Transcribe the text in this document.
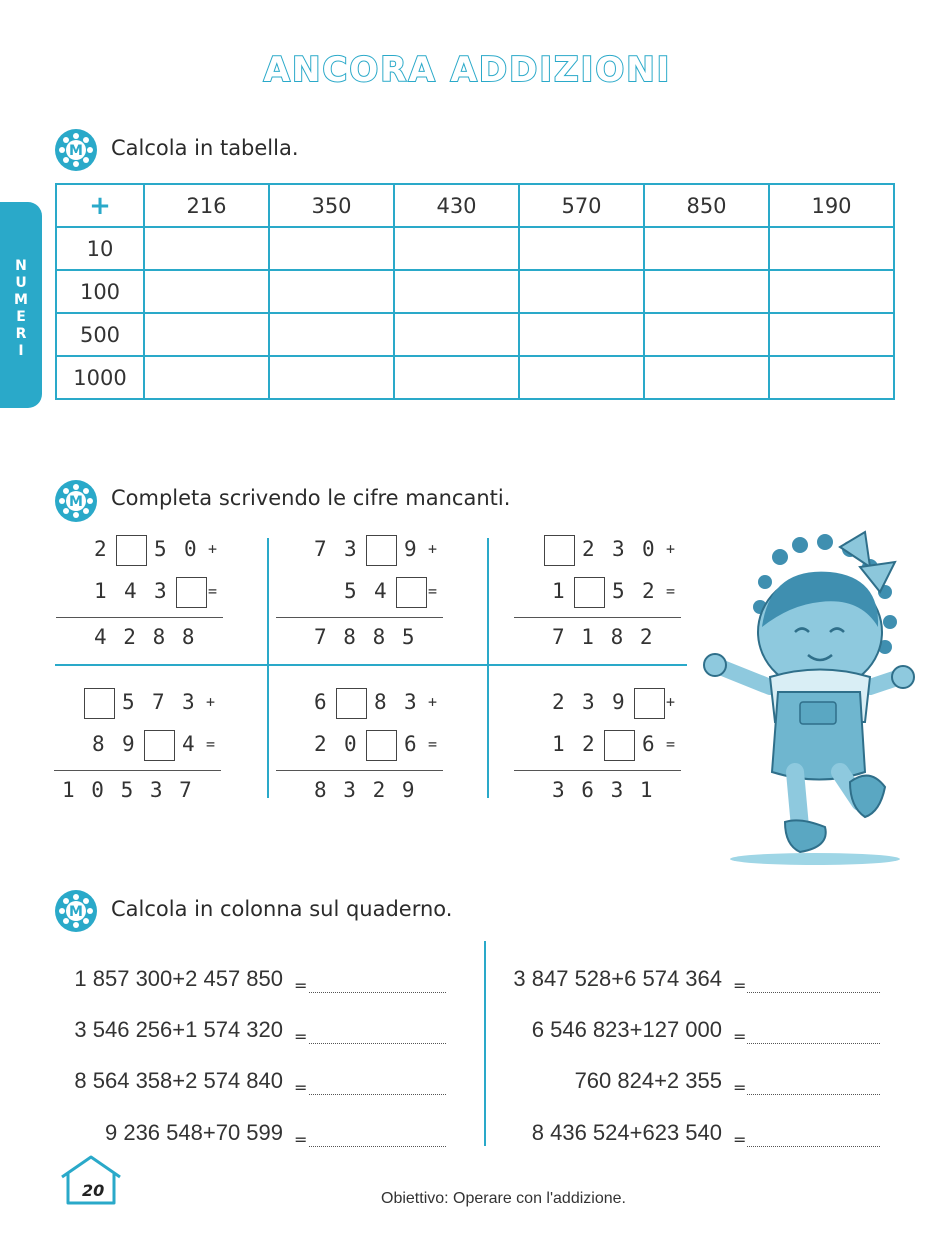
ANCORA ADDIZIONI
N
U
M
E
R
I
M Calcola in tabella.
+	216	350	430	570	850	190
10						
100						
500						
1000						
M Completa scrivendo le cifre mancanti.
2 5 0 +
1 4 3	=
4 2 8 8
7 3 9 +
5 4	=
7 8 8 5
2 3 0 +
1 5 2 =
7 1 8 2
5 7 3 +
8 9 4 =
1 0 5 3 7
6 8 3 +
2 0 6 =
8 3 2 9
2 3 9	+
1 2 6 =
3 6 3 1
M Calcola in colonna sul quaderno.
1 857 300+2 457 850 =
3 546 256+1 574 320 =
8 564 358+2 574 840 =
9 236 548+70 599 =
3 847 528+6 574 364 =
6 546 823+127 000 =
760 824+2 355 =
8 436 524+623 540 =
20	Obiettivo: Operare con l'addizione.
